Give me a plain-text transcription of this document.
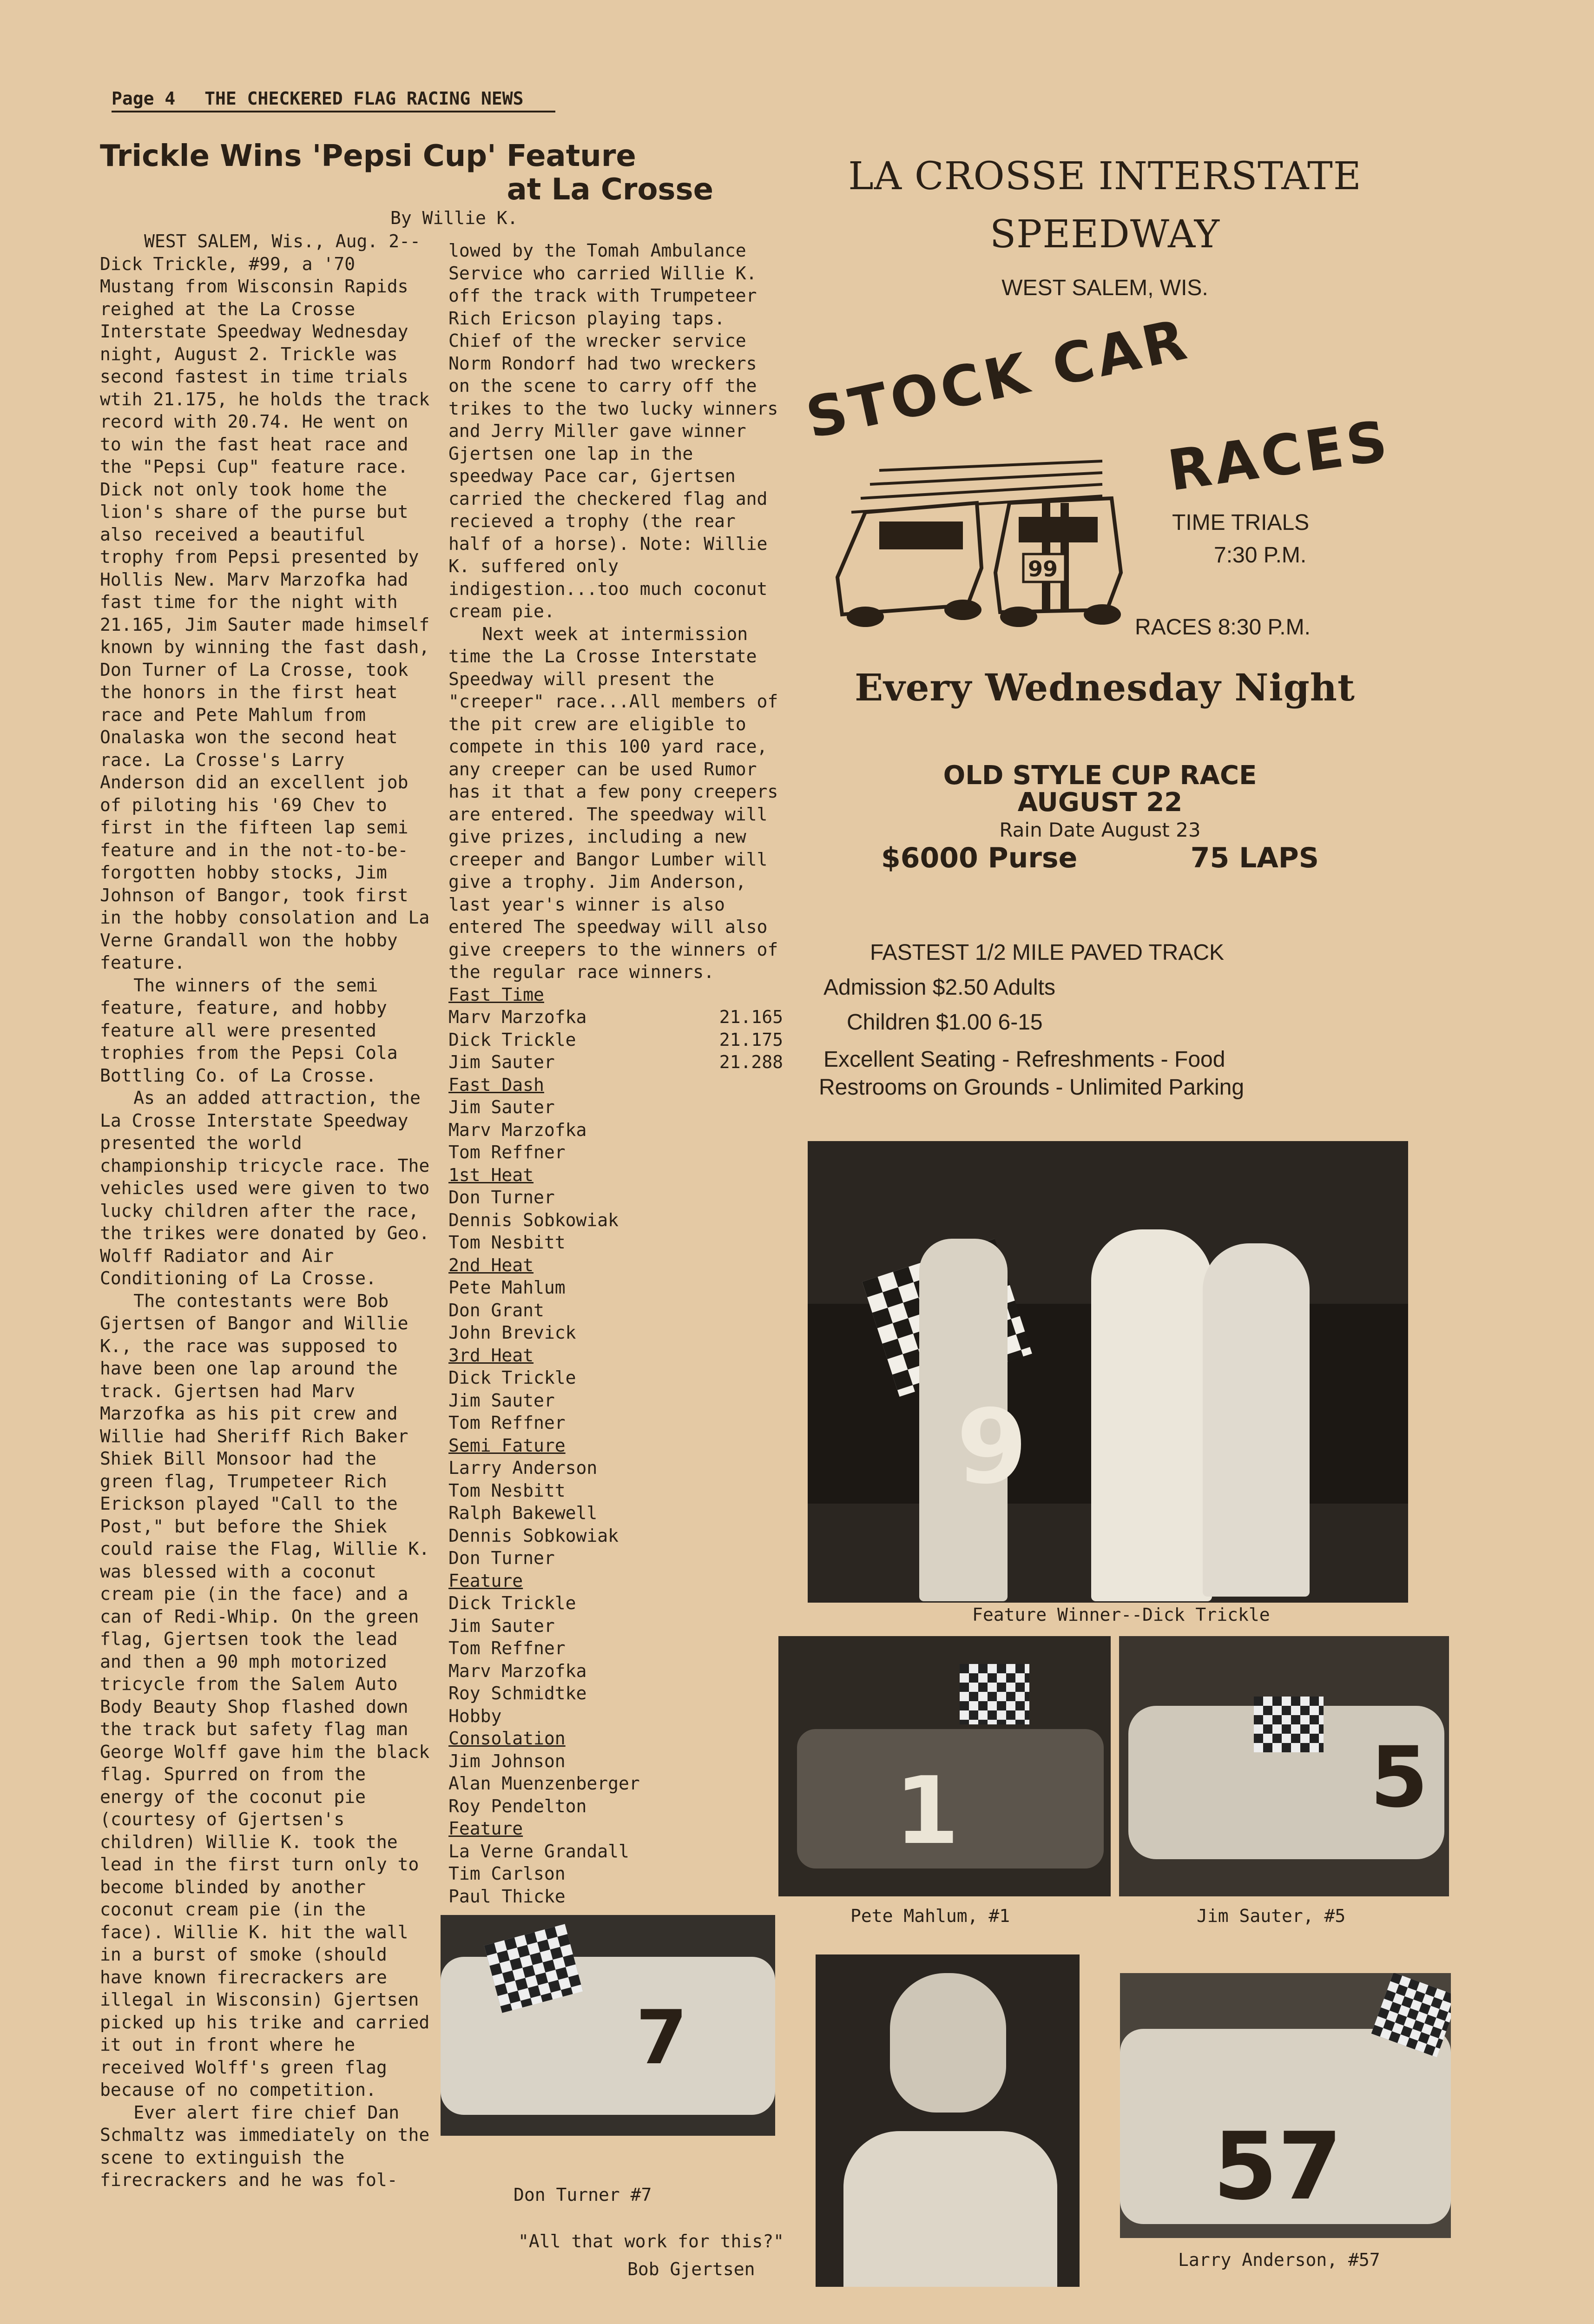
Page 4 THE CHECKERED FLAG RACING NEWS
Trickle Wins 'Pepsi Cup' Feature
at La Crosse
By Willie K.

WEST SALEM, Wis., Aug. 2-- Dick Trickle, #99, a '70 Mustang from Wisconsin Rapids reighed at the La Crosse Interstate Speedway Wednesday night, August 2. Trickle was second fastest in time trials wtih 21.175, he holds the track record with 20.74. He went on to win the fast heat race and the "Pepsi Cup" feature race. Dick not only took home the lion's share of the purse but also received a beautiful trophy from Pepsi presented by Hollis New. Marv Marzofka had fast time for the night with 21.165, Jim Sauter made himself known by winning the fast dash, Don Turner of La Crosse, took the honors in the first heat race and Pete Mahlum from Onalaska won the second heat race. La Crosse's Larry Anderson did an excellent job of piloting his '69 Chev to first in the fifteen lap semi feature and in the not-to-be-forgotten hobby stocks, Jim Johnson of Bangor, took first in the hobby consolation and La Verne Grandall won the hobby feature.

The winners of the semi feature, feature, and hobby feature all were presented trophies from the Pepsi Cola Bottling Co. of La Crosse.

As an added attraction, the La Crosse Interstate Speedway presented the world championship tricycle race. The vehicles used were given to two lucky children after the race, the trikes were donated by Geo. Wolff Radiator and Air Conditioning of La Crosse.

The contestants were Bob Gjertsen of Bangor and Willie K., the race was supposed to have been one lap around the track. Gjertsen had Marv Marzofka as his pit crew and Willie had Sheriff Rich Baker Shiek Bill Monsoor had the green flag, Trumpeteer Rich Erickson played "Call to the Post," but before the Shiek could raise the Flag, Willie K. was blessed with a coconut cream pie (in the face) and a can of Redi-Whip. On the green flag, Gjertsen took the lead and then a 90 mph motorized tricycle from the Salem Auto Body Beauty Shop flashed down the track but safety flag man George Wolff gave him the black flag. Spurred on from the energy of the coconut pie (courtesy of Gjertsen's children) Willie K. took the lead in the first turn only to become blinded by another coconut cream pie (in the face). Willie K. hit the wall in a burst of smoke (should have known firecrackers are illegal in Wisconsin) Gjertsen picked up his trike and carried it out in front where he received Wolff's green flag because of no competition.

Ever alert fire chief Dan Schmaltz was immediately on the scene to extinguish the firecrackers and he was fol-

lowed by the Tomah Ambulance Service who carried Willie K. off the track with Trumpeteer Rich Ericson playing taps. Chief of the wrecker service Norm Rondorf had two wreckers on the scene to carry off the trikes to the two lucky winners and Jerry Miller gave winner Gjertsen one lap in the speedway Pace car, Gjertsen carried the checkered flag and recieved a trophy (the rear half of a horse). Note: Willie K. suffered only indigestion...too much coconut cream pie.

Next week at intermission time the La Crosse Interstate Speedway will present the "creeper" race...All members of the pit crew are eligible to compete in this 100 yard race, any creeper can be used Rumor has it that a few pony creepers are entered. The speedway will give prizes, including a new creeper and Bangor Lumber will give a trophy. Jim Anderson, last year's winner is also entered The speedway will also give creepers to the winners of the regular race winners.

Fast Time
Marv Marzofka	21.165
Dick Trickle	21.175
Jim Sauter	21.288
Fast Dash
Jim Sauter
Marv Marzofka
Tom Reffner
1st Heat
Don Turner
Dennis Sobkowiak
Tom Nesbitt
2nd Heat
Pete Mahlum
Don Grant
John Brevick
3rd Heat
Dick Trickle
Jim Sauter
Tom Reffner
Semi Fature
Larry Anderson
Tom Nesbitt
Ralph Bakewell
Dennis Sobkowiak
Don Turner
Feature
Dick Trickle
Jim Sauter
Tom Reffner
Marv Marzofka
Roy Schmidtke
Hobby
Consolation
Jim Johnson
Alan Muenzenberger
Roy Pendelton
Feature
La Verne Grandall
Tim Carlson
Paul Thicke
LA CROSSE INTERSTATE
SPEEDWAY
WEST SALEM, WIS.
STOCK CAR
RACES
99
TIME TRIALS
7:30 P.M.
RACES 8:30 P.M.
Every Wednesday Night
OLD STYLE CUP RACE
AUGUST 22
Rain Date August 23
$6000 Purse	75 LAPS
FASTEST 1/2 MILE PAVED TRACK
Admission $2.50 Adults
Children $1.00 6-15
Excellent Seating - Refreshments - Food
Restrooms on Grounds - Unlimited Parking
9
Feature Winner--Dick Trickle
1
Pete Mahlum, #1
5
Jim Sauter, #5
7
Don Turner #7
"All that work for this?"
Bob Gjertsen
57
Larry Anderson, #57
